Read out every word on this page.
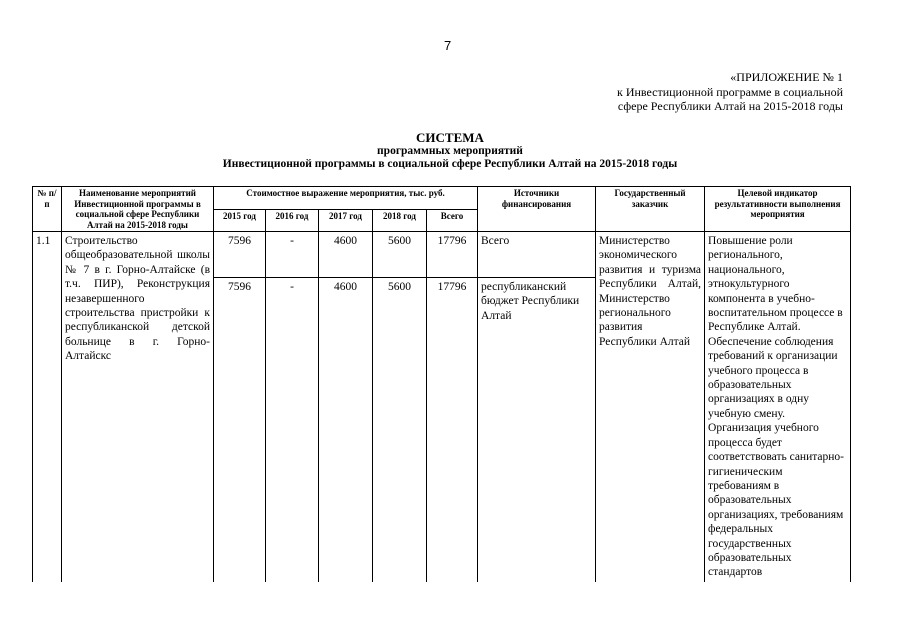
7
«ПРИЛОЖЕНИЕ № 1
к Инвестиционной программе в социальной
сфере Республики Алтай на 2015-2018 годы
СИСТЕМА
программных мероприятий
Инвестиционной программы в социальной сфере Республики Алтай на 2015-2018 годы
№ п/п	Наименование мероприятий Инвестиционной программы в социальной сфере Республики Алтай на 2015-2018 годы	Стоимостное выражение мероприятия, тыс. руб.					Источники финансирования	Государственный заказчик	Целевой индикатор результативности выполнения мероприятия
		2015 год	2016 год	2017 год	2018 год	Всего			
1.1	Строительство общеобразовательной школы № 7 в г. Горно-Алтайске (в т.ч. ПИР), Реконструкция незавершенного строительства пристройки к республиканской детской больнице в г. Горно-Алтайскс	7596	-	4600	5600	17796	Всего	Министерство экономического развития и туризма Республики Алтай, Министерство регионального развития Республики Алтай	Повышение роли регионального, национального, этнокультурного компонента в учебно-воспитательном процессе в Республике Алтай. Обеспечение соблюдения требований к организации учебного процесса в образовательных организациях в одну учебную смену. Организация учебного процесса будет соответствовать санитарно-гигиеническим требованиям в образовательных организациях, требованиям федеральных государственных образовательных стандартов
		7596	-	4600	5600	17796	республиканский бюджет Республики Алтай		
